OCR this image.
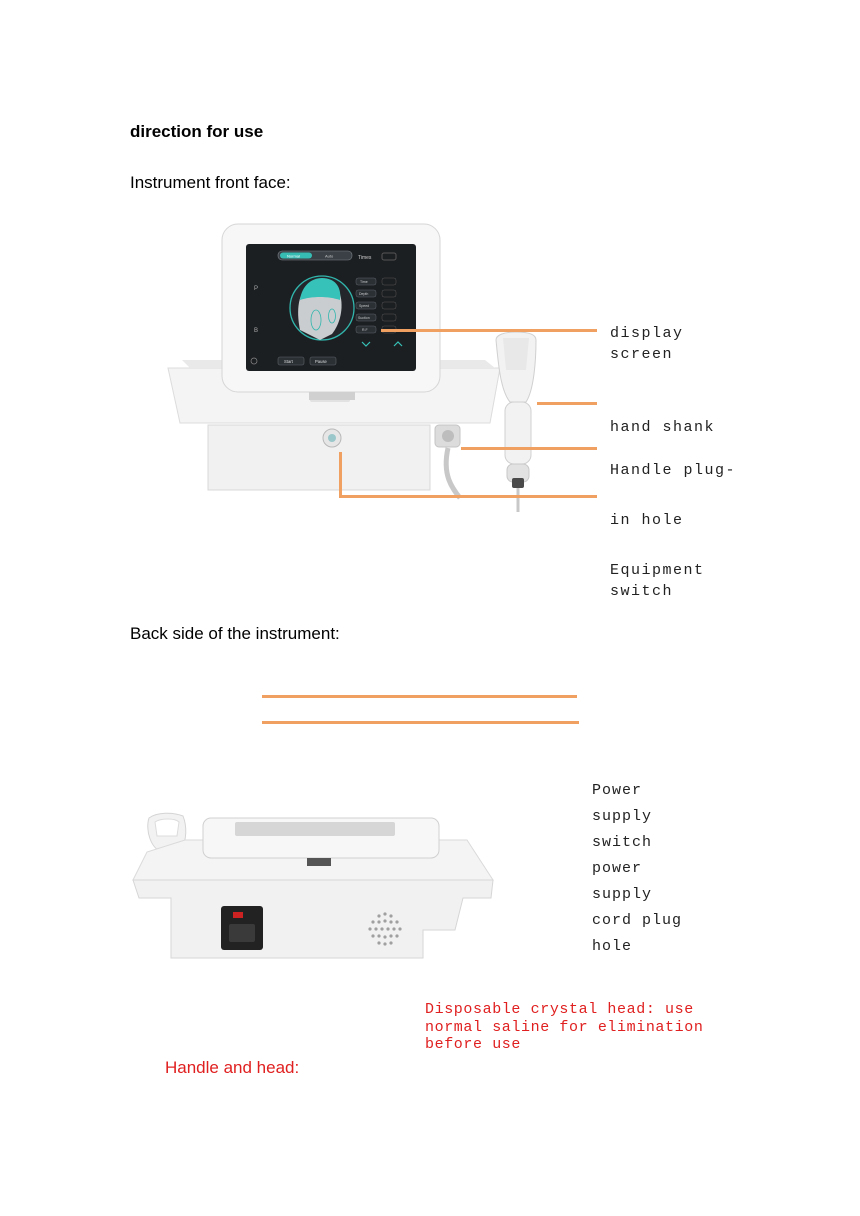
direction for use
Instrument front face:
Normal	Auto	Times
P
B
Time
Depth
Speed
Suction
R.F
Start	Pause
display
screen
hand shank
Handle plug-
in hole
Equipment
switch
Back side of the instrument:
Power
supply
switch
power
supply
cord plug
hole
Disposable crystal head: use
normal saline for elimination
before use
Handle and head:
